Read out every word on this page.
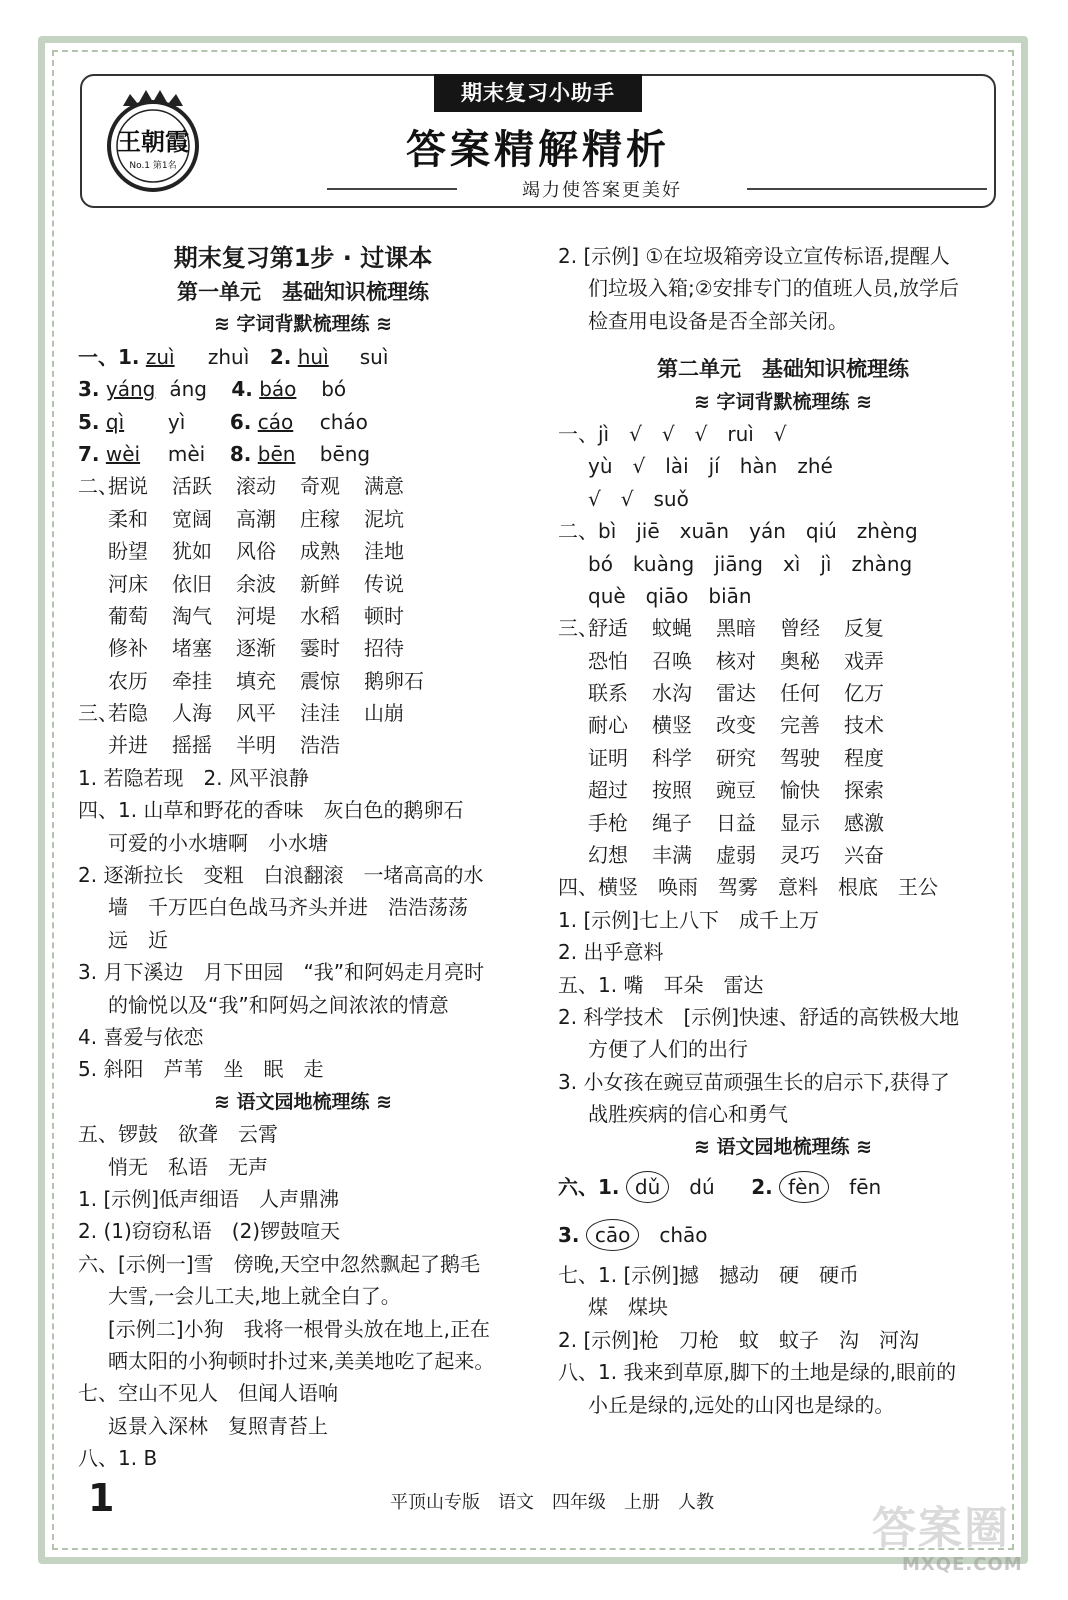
王朝霞
No.1 第1名
期末复习小助手
答案精解精析
竭力使答案更美好
期末复习第1步 · 过课本
第一单元　基础知识梳理练
≋ 字词背默梳理练 ≋
一、1. zuì zhuì 2. huì suì
3. yáng áng 4. báo bó
5. qì yì 6. cáo cháo
7. wèi mèi 8. bēn bēng
二、据说 活跃 滚动 奇观 满意
柔和 宽阔 高潮 庄稼 泥坑
盼望 犹如 风俗 成熟 洼地
河床 依旧 余波 新鲜 传说
葡萄 淘气 河堤 水稻 顿时
修补 堵塞 逐渐 霎时 招待
农历 牵挂 填充 震惊 鹅卵石
三、若隐 人海 风平 洼洼 山崩
并进 摇摇 半明 浩浩
1. 若隐若现　2. 风平浪静
四、1. 山草和野花的香味　灰白色的鹅卵石
可爱的小水塘啊　小水塘
2. 逐渐拉长　变粗　白浪翻滚　一堵高高的水
墙　千万匹白色战马齐头并进　浩浩荡荡
远　近
3. 月下溪边　月下田园　“我”和阿妈走月亮时
的愉悦以及“我”和阿妈之间浓浓的情意
4. 喜爱与依恋
5. 斜阳　芦苇　坐　眠　走
≋ 语文园地梳理练 ≋
五、锣鼓　欲聋　云霄
悄无　私语　无声
1. [示例]低声细语　人声鼎沸
2. (1)窃窃私语　(2)锣鼓喧天
六、[示例一]雪　傍晚,天空中忽然飘起了鹅毛
大雪,一会儿工夫,地上就全白了。
[示例二]小狗　我将一根骨头放在地上,正在
晒太阳的小狗顿时扑过来,美美地吃了起来。
七、空山不见人　但闻人语响
返景入深林　复照青苔上
八、1. B
2. [示例] ①在垃圾箱旁设立宣传标语,提醒人
们垃圾入箱;②安排专门的值班人员,放学后
检查用电设备是否全部关闭。
第二单元　基础知识梳理练
≋ 字词背默梳理练 ≋
一、jì　√　√　√　ruì　√
yù　√　lài　jí　hàn　zhé
√　√　suǒ
二、bì　jiē　xuān　yán　qiú　zhèng
bó　kuàng　jiāng　xì　jì　zhàng
què　qiāo　biān
三、舒适 蚊蝇 黑暗 曾经 反复
恐怕 召唤 核对 奥秘 戏弄
联系 水沟 雷达 任何 亿万
耐心 横竖 改变 完善 技术
证明 科学 研究 驾驶 程度
超过 按照 豌豆 愉快 探索
手枪 绳子 日益 显示 感激
幻想 丰满 虚弱 灵巧 兴奋
四、横竖　唤雨　驾雾　意料　根底　王公
1. [示例]七上八下　成千上万
2. 出乎意料
五、1. 嘴　耳朵　雷达
2. 科学技术　[示例]快速、舒适的高铁极大地
方便了人们的出行
3. 小女孩在豌豆苗顽强生长的启示下,获得了
战胜疾病的信心和勇气
≋ 语文园地梳理练 ≋
六、1. dǔ　 dú 2. fèn　 fēn
3. cāo　 chāo
七、1. [示例]撼　撼动　硬　硬币
煤　煤块
2. [示例]枪　刀枪　蚊　蚊子　沟　河沟
八、1. 我来到草原,脚下的土地是绿的,眼前的
小丘是绿的,远处的山冈也是绿的。
1	平顶山专版　语文　四年级　上册　人教
答案圈
MXQE.COM
